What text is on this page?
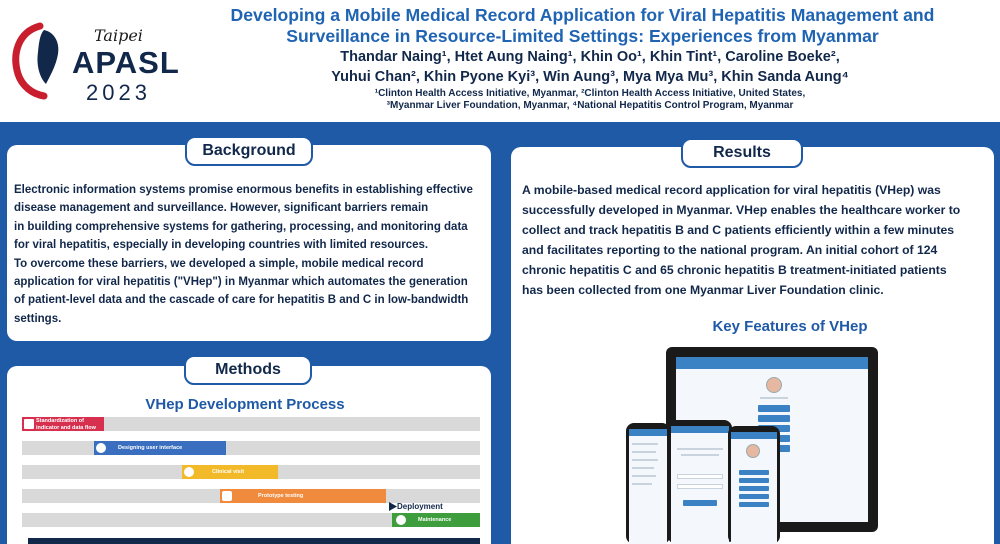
Taipei
APASL
2023
Developing a Mobile Medical Record Application for Viral Hepatitis Management and
Surveillance in Resource-Limited Settings: Experiences from Myanmar
Thandar Naing¹, Htet Aung Naing¹, Khin Oo¹, Khin Tint¹, Caroline Boeke²,
Yuhui Chan², Khin Pyone Kyi³, Win Aung³, Mya Mya Mu³, Khin Sanda Aung⁴
¹Clinton Health Access Initiative, Myanmar, ²Clinton Health Access Initiative, United States,
³Myanmar Liver Foundation, Myanmar, ⁴National Hepatitis Control Program, Myanmar
Background
Electronic information systems promise enormous benefits in establishing effective
disease management and surveillance. However, significant barriers remain
in building comprehensive systems for gathering, processing, and monitoring data
for viral hepatitis, especially in developing countries with limited resources.
To overcome these barriers, we developed a simple, mobile medical record
application for viral hepatitis ("VHep") in Myanmar which automates the generation
of patient-level data and the cascade of care for hepatitis B and C in low-bandwidth
settings.
Methods
VHep Development Process
Standardization of indicator and data flow
Designing user interface
Clinical visit
Prototype testing
Deployment
Maintenance
Results
A mobile-based medical record application for viral hepatitis (VHep) was
successfully developed in Myanmar. VHep enables the healthcare worker to
collect and track hepatitis B and C patients efficiently within a few minutes
and facilitates reporting to the national program. An initial cohort of 124
chronic hepatitis C and 65 chronic hepatitis B treatment-initiated patients
has been collected from one Myanmar Liver Foundation clinic.
Key Features of VHep
